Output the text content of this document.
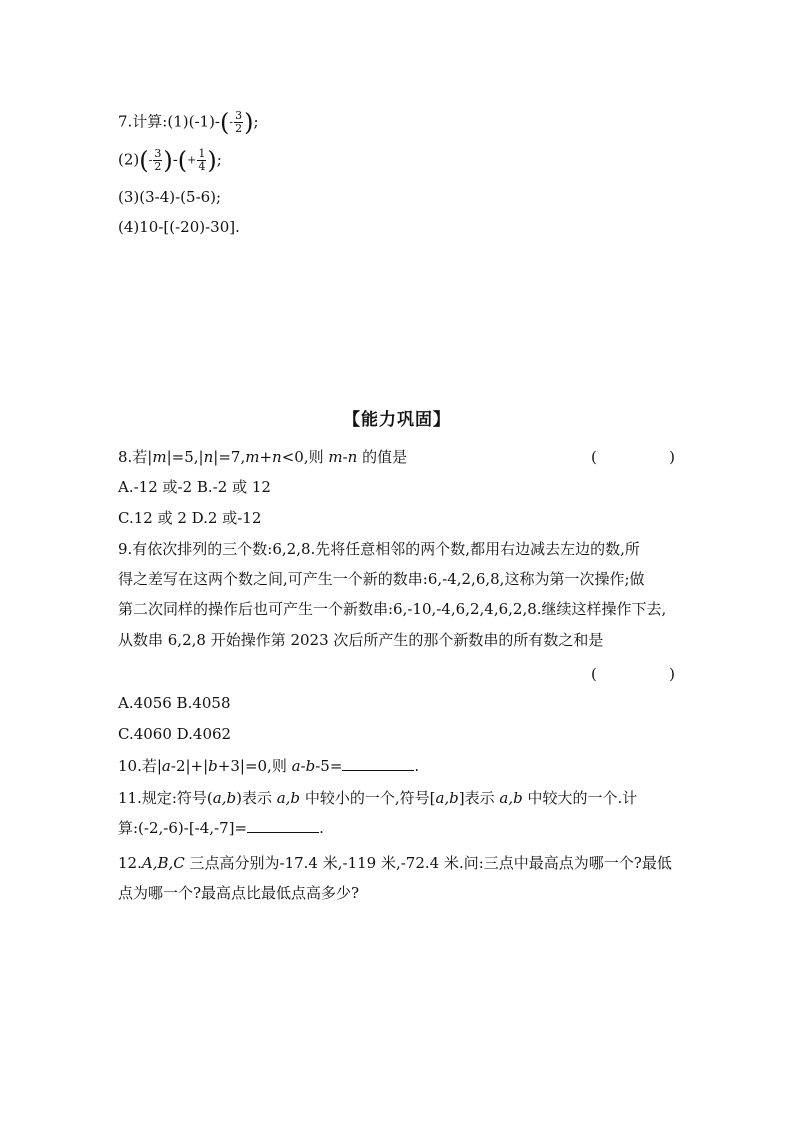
7.计算:(1)(-1)-(- $\frac{3}{2}$ );
$(2)(- \frac{3}{2}$ )-(+ $\frac{1}{4}$ );
(3)(3-4)-(5-6);
(4)10-[(-20)-30].
【能力巩固】
8.若|m|=5,|n|=7,m+n<0,则 m-n 的值是	(	)
A.-12 或-2 B.-2 或 12
C.12 或 2 D.2 或-12
9.有依次排列的三个数:6,2,8.先将任意相邻的两个数,都用右边减去左边的数,所
得之差写在这两个数之间,可产生一个新的数串:6,-4,2,6,8,这称为第一次操作;做
第二次同样的操作后也可产生一个新数串:6,-10,-4,6,2,4,6,2,8.继续这样操作下去,
从数串 6,2,8 开始操作第 2023 次后所产生的那个新数串的所有数之和是
(	)
A.4056 B.4058
C.4060 D.4062
10.若|a-2|+|b+3|=0,则 a-b-5=	.
11.规定:符号(a,b)表示 a,b 中较小的一个,符号[a,b]表示 a,b 中较大的一个.计
算:(-2,-6)-[-4,-7]=	.
12.A,B,C 三点高分别为-17.4 米,-119 米,-72.4 米.问:三点中最高点为哪一个?最低
点为哪一个?最高点比最低点高多少?
